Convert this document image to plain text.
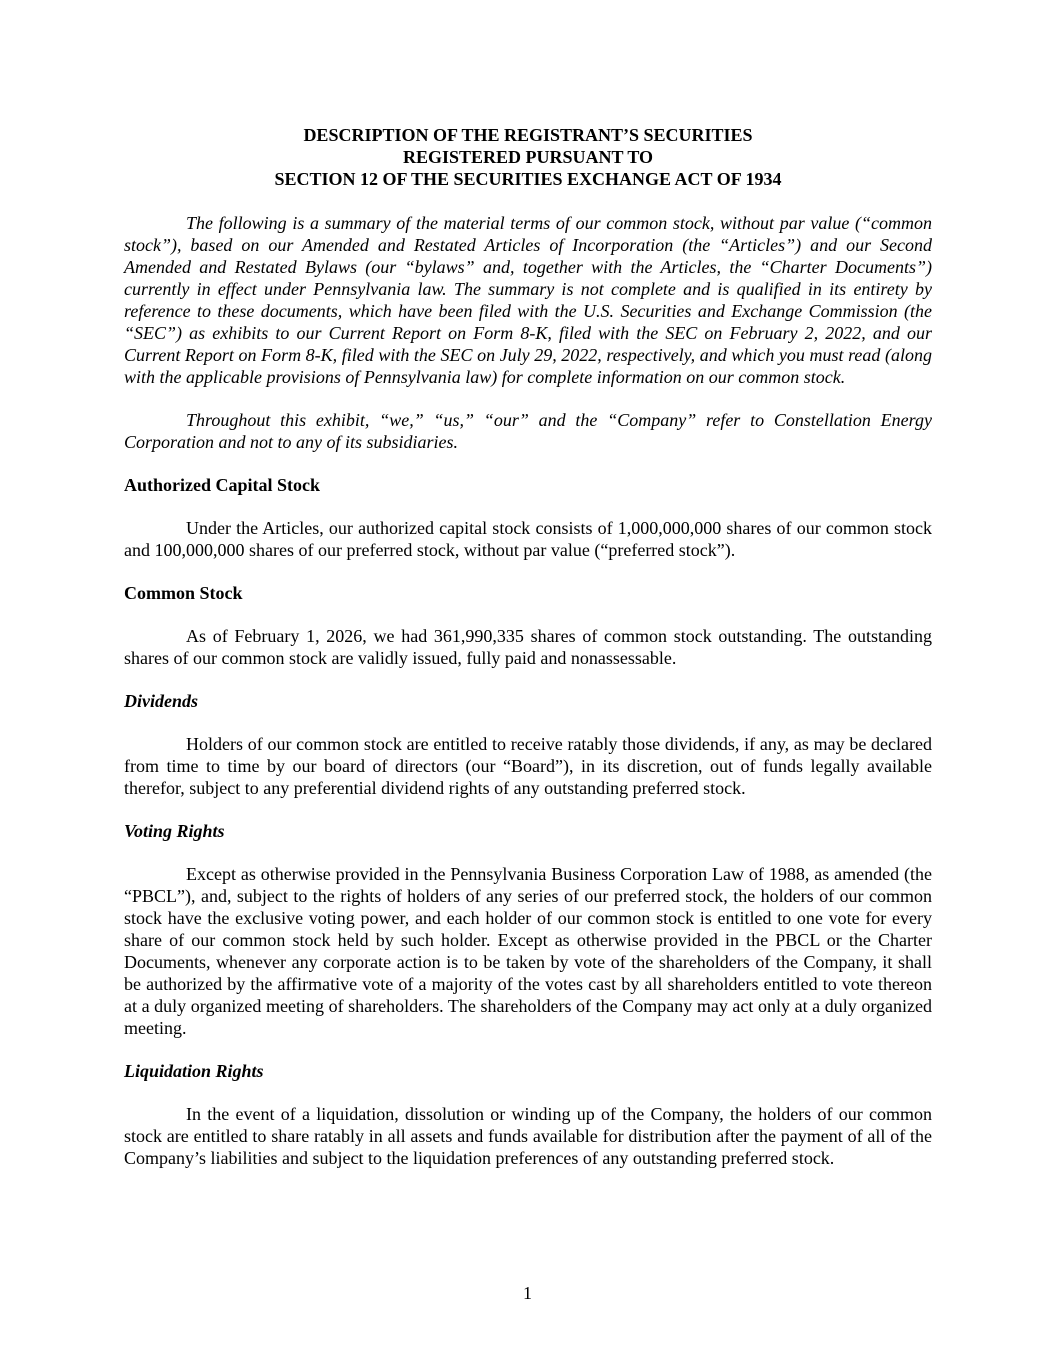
DESCRIPTION OF THE REGISTRANT’S SECURITIES
REGISTERED PURSUANT TO
SECTION 12 OF THE SECURITIES EXCHANGE ACT OF 1934

The following is a summary of the material terms of our common stock, without par value (“common stock”), based on our Amended and Restated Articles of Incorporation (the “Articles”) and our Second Amended and Restated Bylaws (our “bylaws” and, together with the Articles, the “Charter Documents”) currently in effect under Pennsylvania law. The summary is not complete and is qualified in its entirety by reference to these documents, which have been filed with the U.S. Securities and Exchange Commission (the “SEC”) as exhibits to our Current Report on Form 8-K, filed with the SEC on February 2, 2022, and our Current Report on Form 8-K, filed with the SEC on July 29, 2022, respectively, and which you must read (along with the applicable provisions of Pennsylvania law) for complete information on our common stock.

Throughout this exhibit, “we,” “us,” “our” and the “Company” refer to Constellation Energy Corporation and not to any of its subsidiaries.

Authorized Capital Stock

Under the Articles, our authorized capital stock consists of 1,000,000,000 shares of our common stock and 100,000,000 shares of our preferred stock, without par value (“preferred stock”).

Common Stock

As of February 1, 2026, we had 361,990,335 shares of common stock outstanding. The outstanding shares of our common stock are validly issued, fully paid and nonassessable.

Dividends

Holders of our common stock are entitled to receive ratably those dividends, if any, as may be declared from time to time by our board of directors (our “Board”), in its discretion, out of funds legally available therefor, subject to any preferential dividend rights of any outstanding preferred stock.

Voting Rights

Except as otherwise provided in the Pennsylvania Business Corporation Law of 1988, as amended (the “PBCL”), and, subject to the rights of holders of any series of our preferred stock, the holders of our common stock have the exclusive voting power, and each holder of our common stock is entitled to one vote for every share of our common stock held by such holder. Except as otherwise provided in the PBCL or the Charter Documents, whenever any corporate action is to be taken by vote of the shareholders of the Company, it shall be authorized by the affirmative vote of a majority of the votes cast by all shareholders entitled to vote thereon at a duly organized meeting of shareholders. The shareholders of the Company may act only at a duly organized meeting.

Liquidation Rights

In the event of a liquidation, dissolution or winding up of the Company, the holders of our common stock are entitled to share ratably in all assets and funds available for distribution after the payment of all of the Company’s liabilities and subject to the liquidation preferences of any outstanding preferred stock.

1
